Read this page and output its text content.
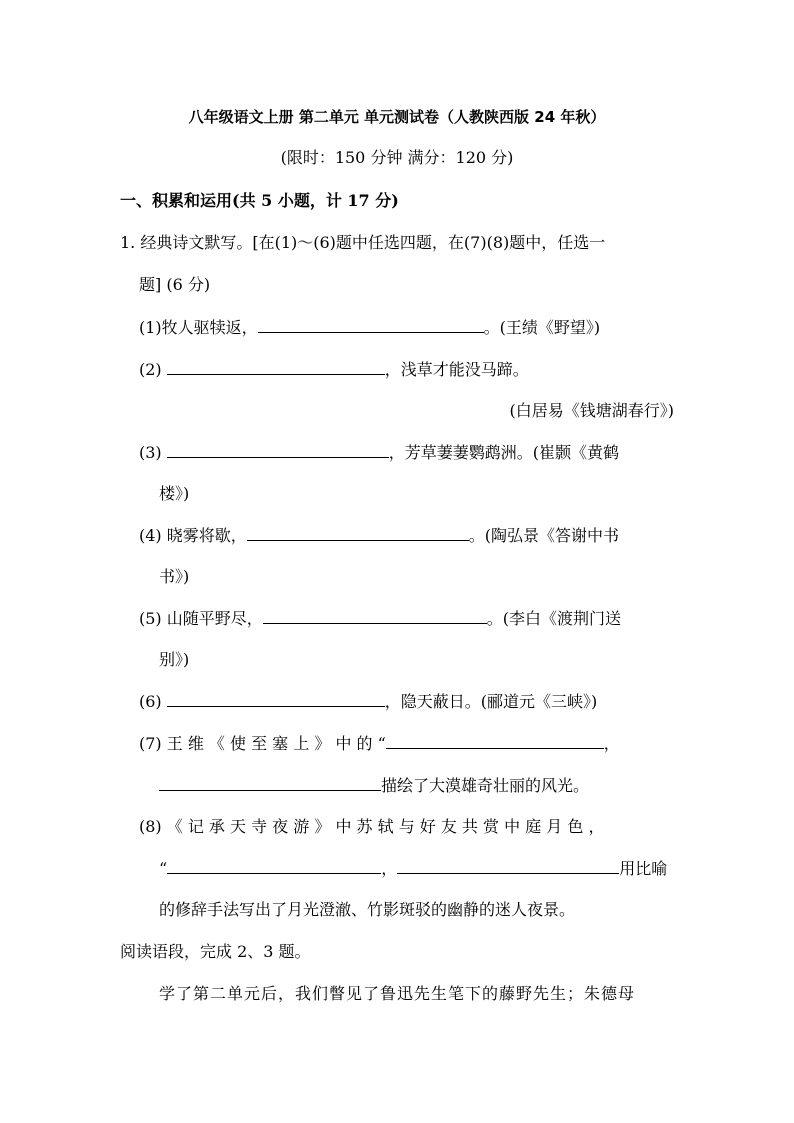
八年级语文上册 第二单元 单元测试卷（人教陕西版 24 年秋）
(限时：150 分钟 满分：120 分)
一、积累和运用(共 5 小题，计 17 分)
1. 经典诗文默写。[在(1)～(6)题中任选四题，在(7)(8)题中，任选一
题] (6 分)
(1)牧人驱犊返，	。(王绩《野望》)
(2)	，浅草才能没马蹄。
(白居易《钱塘湖春行》)
(3)	，芳草萋萋鹦鹉洲。(崔颢《黄鹤
楼》)
(4) 晓雾将歇，	。(陶弘景《答谢中书
书》)
(5) 山随平野尽，	。(李白《渡荆门送
别》)
(6)	，隐天蔽日。(郦道元《三峡》)
(7) 王 维 《 使 至 塞 上 》 中 的 “	，
描绘了大漠雄奇壮丽的风光。
(8) 《 记 承 天 寺 夜 游 》 中 苏 轼 与 好 友 共 赏 中 庭 月 色 ，
“	，	用比喻
的修辞手法写出了月光澄澈、竹影斑驳的幽静的迷人夜景。
阅读语段，完成 2、3 题。
学了第二单元后，我们瞥见了鲁迅先生笔下的藤野先生；朱德母
